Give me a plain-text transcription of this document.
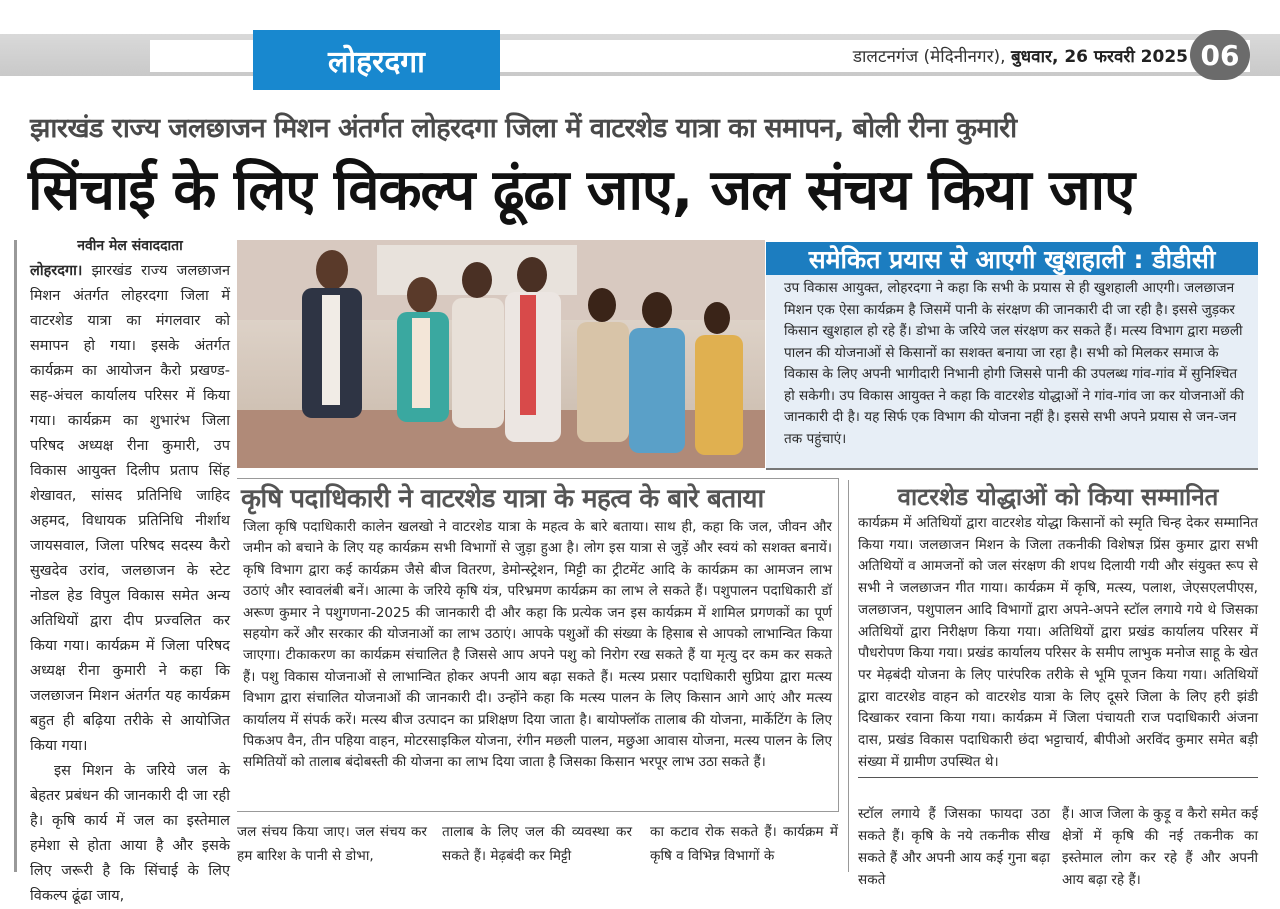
लोहरदगा	डालटनगंज (मेदिनीनगर), बुधवार, 26 फरवरी 2025 06
झारखंड राज्य जलछाजन मिशन अंतर्गत लोहरदगा जिला में वाटरशेड यात्रा का समापन, बोली रीना कुमारी
सिंचाई के लिए विकल्प ढूंढा जाए, जल संचय किया जाए
नवीन मेल संवाददाता

लोहरदगा। झारखंड राज्य जलछाजन मिशन अंतर्गत लोहरदगा जिला में वाटरशेड यात्रा का मंगलवार को समापन हो गया। इसके अंतर्गत कार्यक्रम का आयोजन कैरो प्रखण्ड-सह-अंचल कार्यालय परिसर में किया गया। कार्यक्रम का शुभारंभ जिला परिषद अध्यक्ष रीना कुमारी, उप विकास आयुक्त दिलीप प्रताप सिंह शेखावत, सांसद प्रतिनिधि जाहिद अहमद, विधायक प्रतिनिधि नीर्शाथ जायसवाल, जिला परिषद सदस्य कैरो सुखदेव उरांव, जलछाजन के स्टेट नोडल हेड विपुल विकास समेत अन्य अतिथियों द्वारा दीप प्रज्वलित कर किया गया। कार्यक्रम में जिला परिषद अध्यक्ष रीना कुमारी ने कहा कि जलछाजन मिशन अंतर्गत यह कार्यक्रम बहुत ही बढ़िया तरीके से आयोजित किया गया।

इस मिशन के जरिये जल के बेहतर प्रबंधन की जानकारी दी जा रही है। कृषि कार्य में जल का इस्तेमाल हमेशा से होता आया है और इसके लिए जरूरी है कि सिंचाई के लिए विकल्प ढूंढा जाय,

समेकित प्रयास से आएगी खुशहाली : डीडीसी
उप विकास आयुक्त, लोहरदगा ने कहा कि सभी के प्रयास से ही खुशहाली आएगी। जलछाजन मिशन एक ऐसा कार्यक्रम है जिसमें पानी के संरक्षण की जानकारी दी जा रही है। इससे जुड़कर किसान खुशहाल हो रहे हैं। डोभा के जरिये जल संरक्षण कर सकते हैं। मत्स्य विभाग द्वारा मछली पालन की योजनाओं से किसानों का सशक्त बनाया जा रहा है। सभी को मिलकर समाज के विकास के लिए अपनी भागीदारी निभानी होगी जिससे पानी की उपलब्ध गांव-गांव में सुनिश्चित हो सकेगी। उप विकास आयुक्त ने कहा कि वाटरशेड योद्धाओं ने गांव-गांव जा कर योजनाओं की जानकारी दी है। यह सिर्फ एक विभाग की योजना नहीं है। इससे सभी अपने प्रयास से जन-जन तक पहुंचाएं।
कृषि पदाधिकारी ने वाटरशेड यात्रा के महत्व के बारे बताया
जिला कृषि पदाधिकारी कालेन खलखो ने वाटरशेड यात्रा के महत्व के बारे बताया। साथ ही, कहा कि जल, जीवन और जमीन को बचाने के लिए यह कार्यक्रम सभी विभागों से जुड़ा हुआ है। लोग इस यात्रा से जुड़ें और स्वयं को सशक्त बनायें। कृषि विभाग द्वारा कई कार्यक्रम जैसे बीज वितरण, डेमोन्स्ट्रेशन, मिट्टी का ट्रीटमेंट आदि के कार्यक्रम का आमजन लाभ उठाएं और स्वावलंबी बनें। आत्मा के जरिये कृषि यंत्र, परिभ्रमण कार्यक्रम का लाभ ले सकते हैं। पशुपालन पदाधिकारी डॉ अरूण कुमार ने पशुगणना-2025 की जानकारी दी और कहा कि प्रत्येक जन इस कार्यक्रम में शामिल प्रगणकों का पूर्ण सहयोग करें और सरकार की योजनाओं का लाभ उठाएं। आपके पशुओं की संख्या के हिसाब से आपको लाभान्वित किया जाएगा। टीकाकरण का कार्यक्रम संचालित है जिससे आप अपने पशु को निरोग रख सकते हैं या मृत्यु दर कम कर सकते हैं। पशु विकास योजनाओं से लाभान्वित होकर अपनी आय बढ़ा सकते हैं। मत्स्य प्रसार पदाधिकारी सुप्रिया द्वारा मत्स्य विभाग द्वारा संचालित योजनाओं की जानकारी दी। उन्होंने कहा कि मत्स्य पालन के लिए किसान आगे आएं और मत्स्य कार्यालय में संपर्क करें। मत्स्य बीज उत्पादन का प्रशिक्षण दिया जाता है। बायोफ्लॉक तालाब की योजना, मार्केटिंग के लिए पिकअप वैन, तीन पहिया वाहन, मोटरसाइकिल योजना, रंगीन मछली पालन, मछुआ आवास योजना, मत्स्य पालन के लिए समितियों को तालाब बंदोबस्ती की योजना का लाभ दिया जाता है जिसका किसान भरपूर लाभ उठा सकते हैं।
जल संचय किया जाए। जल संचय कर हम बारिश के पानी से डोभा,
तालाब के लिए जल की व्यवस्था कर सकते हैं। मेढ़बंदी कर मिट्टी
का कटाव रोक सकते हैं। कार्यक्रम में कृषि व विभिन्न विभागों के
वाटरशेड योद्धाओं को किया सम्मानित
कार्यक्रम में अतिथियों द्वारा वाटरशेड योद्धा किसानों को स्मृति चिन्ह देकर सम्मानित किया गया। जलछाजन मिशन के जिला तकनीकी विशेषज्ञ प्रिंस कुमार द्वारा सभी अतिथियों व आमजनों को जल संरक्षण की शपथ दिलायी गयी और संयुक्त रूप से सभी ने जलछाजन गीत गाया। कार्यक्रम में कृषि, मत्स्य, पलाश, जेएसएलपीएस, जलछाजन, पशुपालन आदि विभागों द्वारा अपने-अपने स्टॉल लगाये गये थे जिसका अतिथियों द्वारा निरीक्षण किया गया। अतिथियों द्वारा प्रखंड कार्यालय परिसर में पौधरोपण किया गया। प्रखंड कार्यालय परिसर के समीप लाभुक मनोज साहू के खेत पर मेढ़बंदी योजना के लिए पारंपरिक तरीके से भूमि पूजन किया गया। अतिथियों द्वारा वाटरशेड वाहन को वाटरशेड यात्रा के लिए दूसरे जिला के लिए हरी झंडी दिखाकर रवाना किया गया। कार्यक्रम में जिला पंचायती राज पदाधिकारी अंजना दास, प्रखंड विकास पदाधिकारी छंदा भट्टाचार्य, बीपीओ अरविंद कुमार समेत बड़ी संख्या में ग्रामीण उपस्थित थे।
स्टॉल लगाये हैं जिसका फायदा उठा सकते हैं। कृषि के नये तकनीक सीख सकते हैं और अपनी आय कई गुना बढ़ा सकते
हैं। आज जिला के कुड़ू व कैरो समेत कई क्षेत्रों में कृषि की नई तकनीक का इस्तेमाल लोग कर रहे हैं और अपनी आय बढ़ा रहे हैं।
